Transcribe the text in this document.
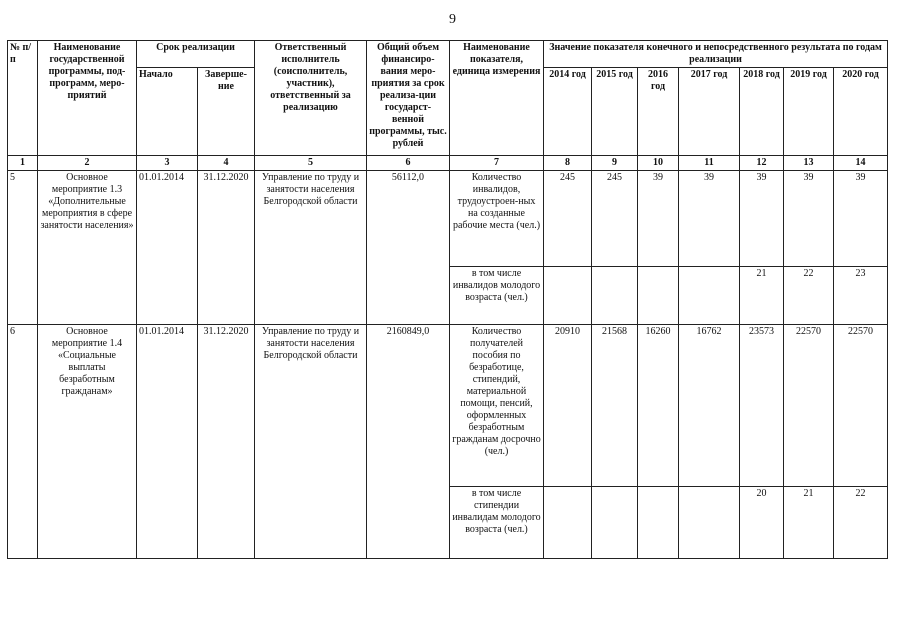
9
№ п/п	Наименование государственной программы, под-программ, меро-приятий	Срок реализации		Ответственный исполнитель (соисполнитель, участник), ответственный за реализацию	Общий объем финансиро-вания меро-приятия за срок реализа-ции государст-венной программы, тыс. рублей	Наименование показателя, единица измерения	Значение показателя конечного и непосредственного результата по годам реализации						
		Начало	Заверше-ние				2014 год	2015 год	2016 год	2017 год	2018 год	2019 год	2020 год
1	2	3	4	5	6	7	8	9	10	11	12	13	14
5	Основное мероприятие 1.3 «Дополнительные мероприятия в сфере занятости населения»	01.01.2014	31.12.2020	Управление по труду и занятости населения Белгородской области	56112,0	Количество инвалидов, трудоустроен-ных на созданные рабочие места (чел.)	245	245	39	39	39	39	39
						в том числе инвалидов молодого возраста (чел.)					21	22	23
6	Основное мероприятие 1.4 «Социальные выплаты безработным гражданам»	01.01.2014	31.12.2020	Управление по труду и занятости населения Белгородской области	2160849,0	Количество получателей пособия по безработице, стипендий, материальной помощи, пенсий, оформленных безработным гражданам досрочно (чел.)	20910	21568	16260	16762	23573	22570	22570
						в том числе стипендии инвалидам молодого возраста (чел.)					20	21	22
